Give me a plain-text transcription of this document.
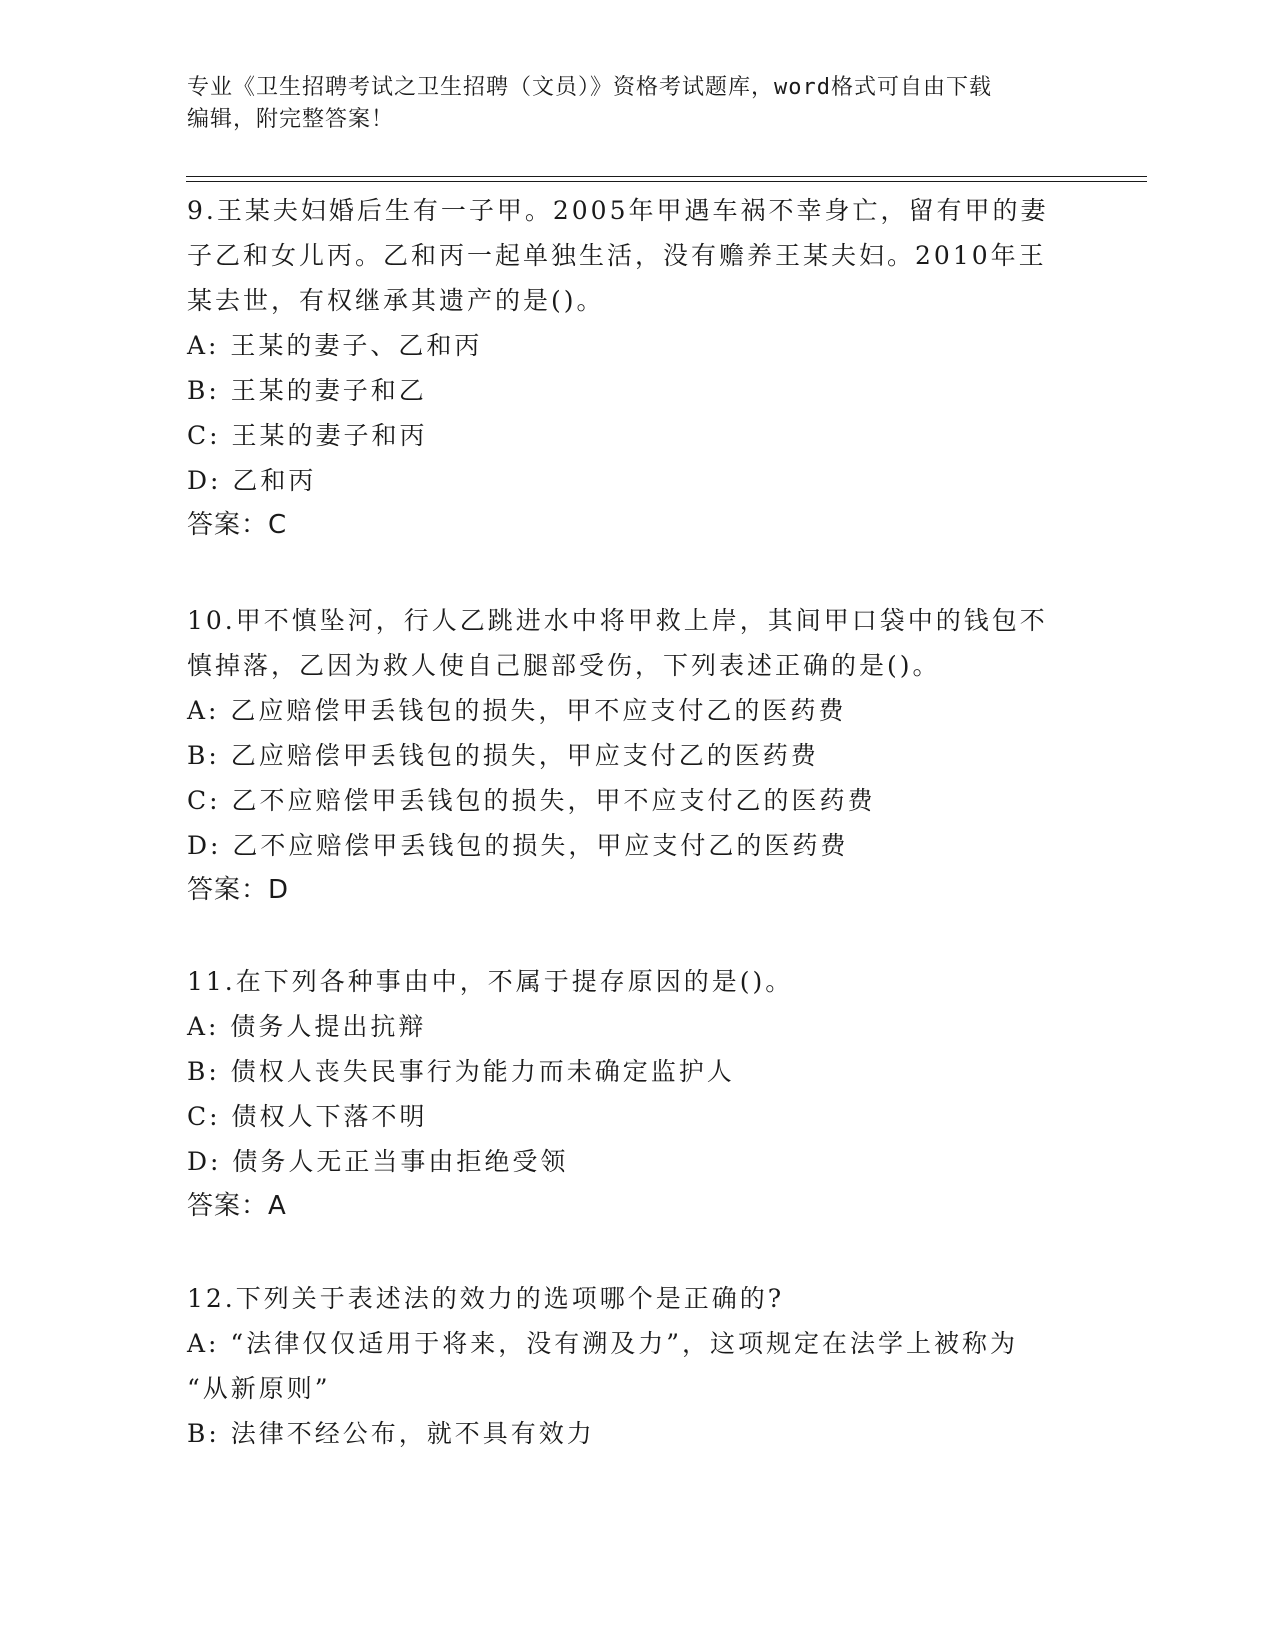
专业《卫生招聘考试之卫生招聘（文员）》资格考试题库，word格式可自由下载
编辑，附完整答案！

9.王某夫妇婚后生有一子甲。2005年甲遇车祸不幸身亡，留有甲的妻

子乙和女儿丙。乙和丙一起单独生活，没有赡养王某夫妇。2010年王

某去世，有权继承其遗产的是()。

A: 王某的妻子、乙和丙

B: 王某的妻子和乙

C: 王某的妻子和丙

D: 乙和丙

答案：C

10.甲不慎坠河，行人乙跳进水中将甲救上岸，其间甲口袋中的钱包不

慎掉落，乙因为救人使自己腿部受伤，下列表述正确的是()。

A: 乙应赔偿甲丢钱包的损失，甲不应支付乙的医药费

B: 乙应赔偿甲丢钱包的损失，甲应支付乙的医药费

C: 乙不应赔偿甲丢钱包的损失，甲不应支付乙的医药费

D: 乙不应赔偿甲丢钱包的损失，甲应支付乙的医药费

答案：D

11.在下列各种事由中，不属于提存原因的是()。

A: 债务人提出抗辩

B: 债权人丧失民事行为能力而未确定监护人

C: 债权人下落不明

D: 债务人无正当事由拒绝受领

答案：A

12.下列关于表述法的效力的选项哪个是正确的?

A: “法律仅仅适用于将来，没有溯及力”，这项规定在法学上被称为

“从新原则”

B: 法律不经公布，就不具有效力
